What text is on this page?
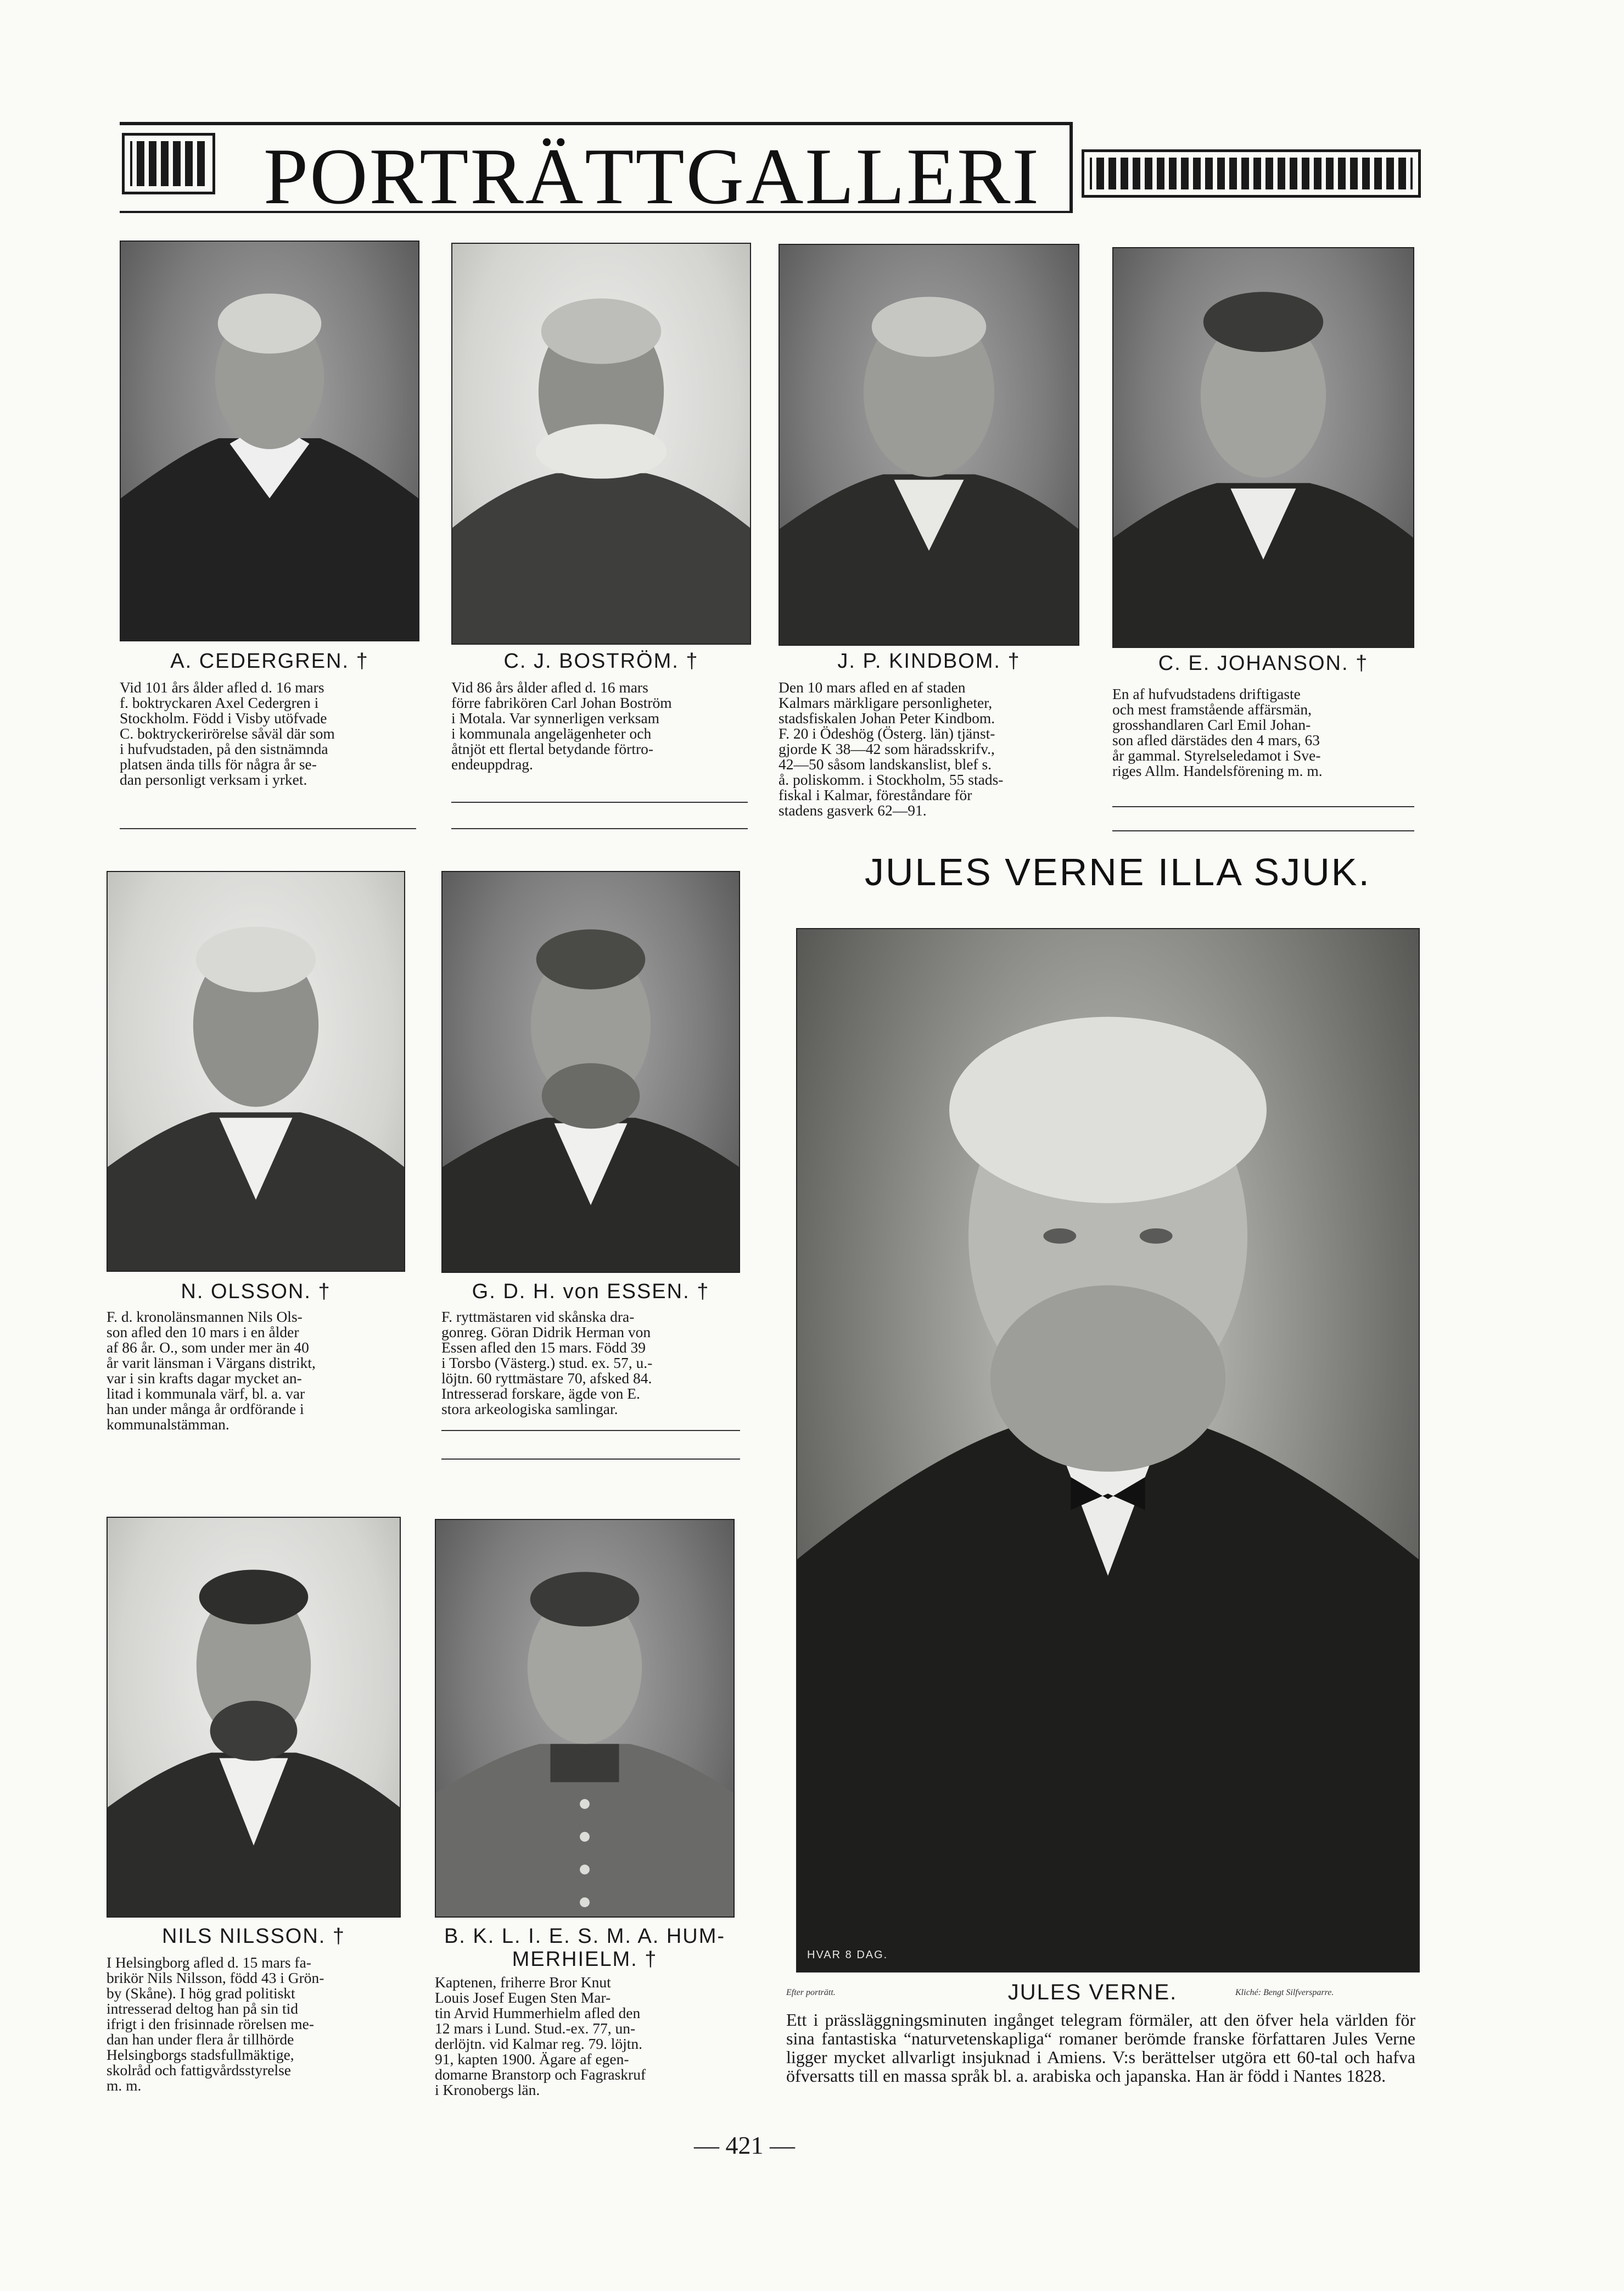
PORTRÄTTGALLERI
A. CEDERGREN. †
Vid 101 års ålder afled d. 16 mars
f. boktryckaren Axel Cedergren i
Stockholm. Född i Visby utöfvade
C. boktryckerirörelse såväl där som
i hufvudstaden, på den sistnämnda
platsen ända tills för några år se-
dan personligt verksam i yrket.
C. J. BOSTRÖM. †
Vid 86 års ålder afled d. 16 mars
förre fabrikören Carl Johan Boström
i Motala. Var synnerligen verksam
i kommunala angelägenheter och
åtnjöt ett flertal betydande förtro-
endeuppdrag.
J. P. KINDBOM. †
Den 10 mars afled en af staden
Kalmars märkligare personligheter,
stadsfiskalen Johan Peter Kindbom.
F. 20 i Ödeshög (Österg. län) tjänst-
gjorde K 38—42 som häradsskrifv.,
42—50 såsom landskanslist, blef s.
å. poliskomm. i Stockholm, 55 stads-
fiskal i Kalmar, föreståndare för
stadens gasverk 62—91.
C. E. JOHANSON. †
En af hufvudstadens driftigaste
och mest framstående affärsmän,
grosshandlaren Carl Emil Johan-
son afled därstädes den 4 mars, 63
år gammal. Styrelseledamot i Sve-
riges Allm. Handelsförening m. m.
N. OLSSON. †
F. d. kronolänsmannen Nils Ols-
son afled den 10 mars i en ålder
af 86 år. O., som under mer än 40
år varit länsman i Värgans distrikt,
var i sin krafts dagar mycket an-
litad i kommunala värf, bl. a. var
han under många år ordförande i
kommunalstämman.
G. D. H. von ESSEN. †
F. ryttmästaren vid skånska dra-
gonreg. Göran Didrik Herman von
Essen afled den 15 mars. Född 39
i Torsbo (Västerg.) stud. ex. 57, u.-
löjtn. 60 ryttmästare 70, afsked 84.
Intresserad forskare, ägde von E.
stora arkeologiska samlingar.
NILS NILSSON. †
I Helsingborg afled d. 15 mars fa-
brikör Nils Nilsson, född 43 i Grön-
by (Skåne). I hög grad politiskt
intresserad deltog han på sin tid
ifrigt i den frisinnade rörelsen me-
dan han under flera år tillhörde
Helsingborgs stadsfullmäktige,
skolråd och fattigvårdsstyrelse
m. m.
B. K. L. I. E. S. M. A. HUM-
MERHIELM. †
Kaptenen, friherre Bror Knut
Louis Josef Eugen Sten Mar-
tin Arvid Hummerhielm afled den
12 mars i Lund. Stud.-ex. 77, un-
derlöjtn. vid Kalmar reg. 79. löjtn.
91, kapten 1900. Ägare af egen-
domarne Branstorp och Fagraskruf
i Kronobergs län.
JULES VERNE ILLA SJUK.
HVAR 8 DAG.
Efter porträtt.	JULES VERNE.	Kliché: Bengt Silfversparre.
Ett i prässläggningsminuten ingånget telegram förmäler, att den öfver hela världen för sina fantastiska “naturvetenskapliga“ romaner berömde franske författaren Jules Verne ligger mycket allvarligt insjuknad i Amiens. V:s berättelser utgöra ett 60-tal och hafva öfversatts till en massa språk bl. a. arabiska och japanska. Han är född i Nantes 1828.
— 421 —
